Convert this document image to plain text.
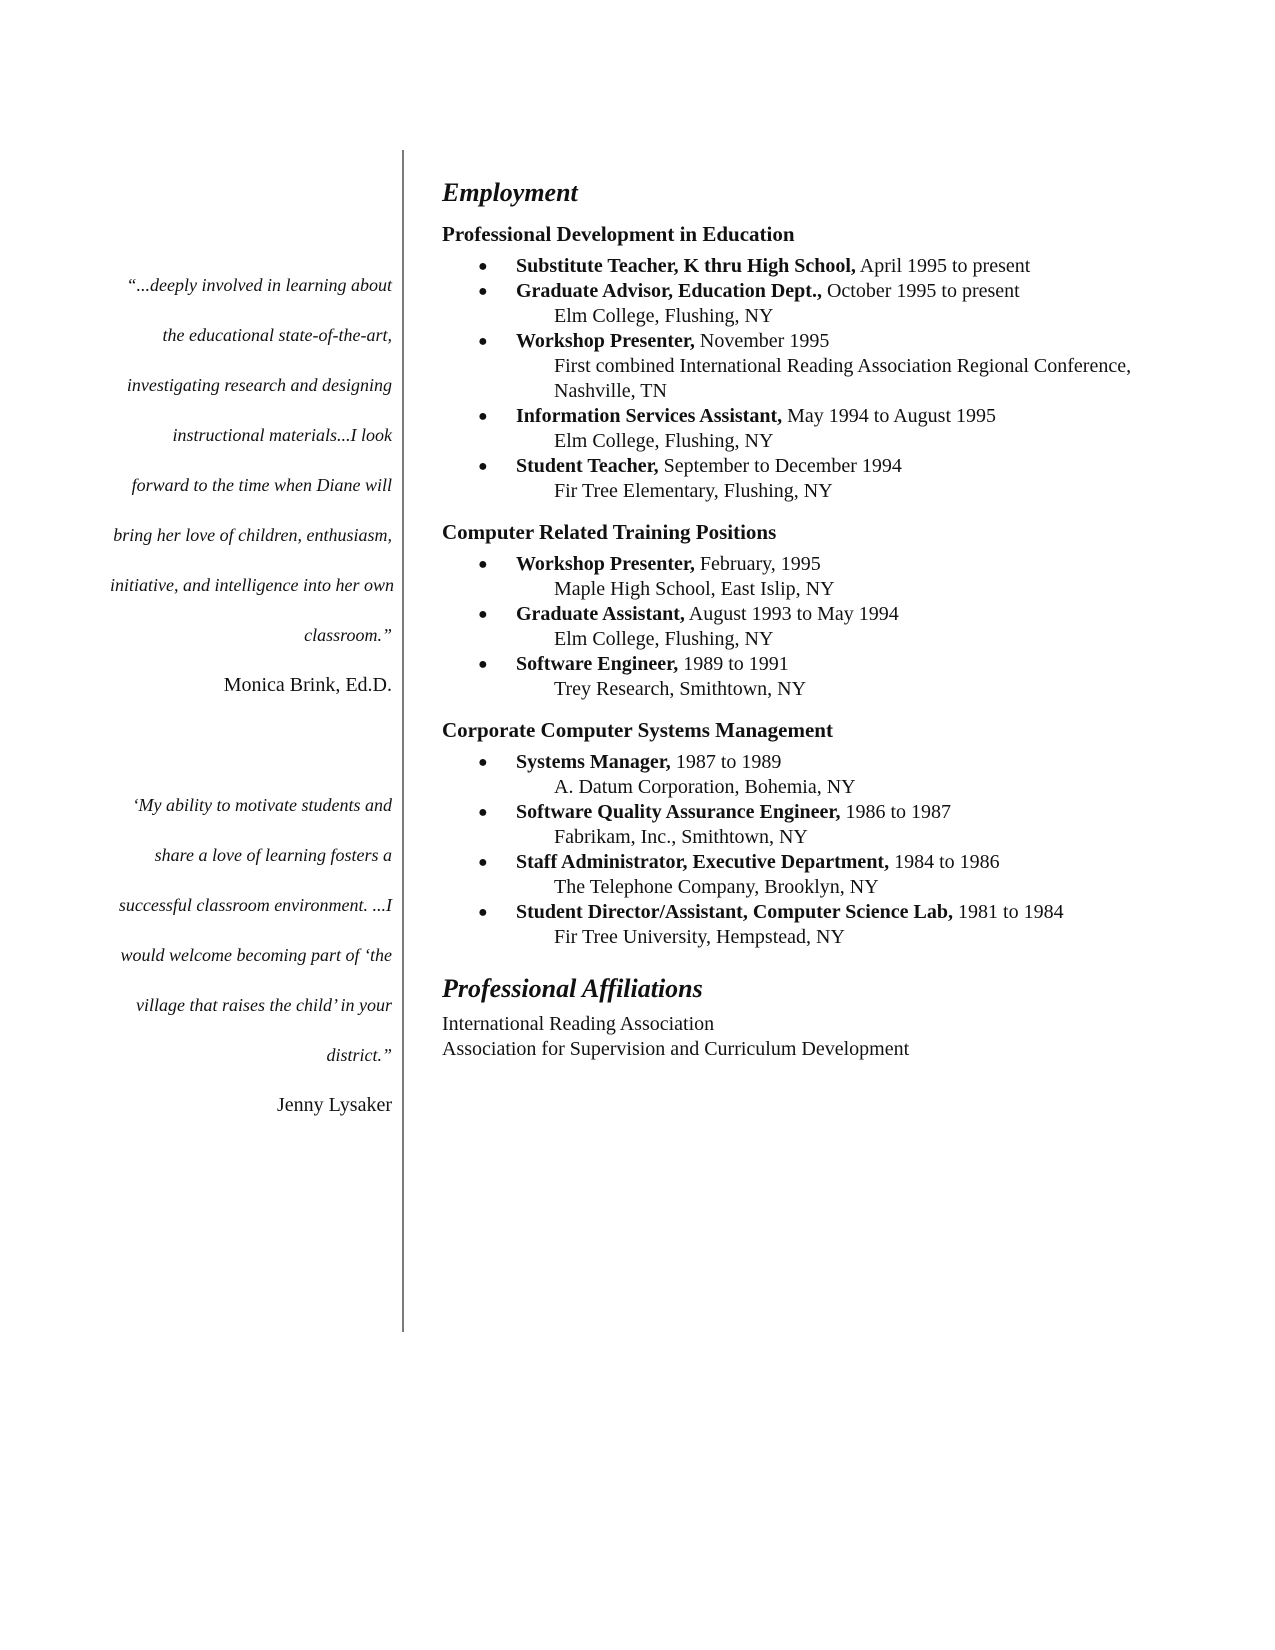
“...deeply involved in learning about
the educational state-of-the-art,
investigating research and designing
instructional materials...I look
forward to the time when Diane will
bring her love of children, enthusiasm,
initiative, and intelligence into her own
classroom.”
Monica Brink, Ed.D.
‘My ability to motivate students and
share a love of learning fosters a
successful classroom environment. ...I
would welcome becoming part of ‘the
village that raises the child’ in your
district.”
Jenny Lysaker
Employment
Professional Development in Education
● Substitute Teacher, K thru High School, April 1995 to present
● Graduate Advisor, Education Dept., October 1995 to present
Elm College, Flushing, NY
● Workshop Presenter, November 1995
First combined International Reading Association Regional Conference,
Nashville, TN
● Information Services Assistant, May 1994 to August 1995
Elm College, Flushing, NY
● Student Teacher, September to December 1994
Fir Tree Elementary, Flushing, NY
Computer Related Training Positions
● Workshop Presenter, February, 1995
Maple High School, East Islip, NY
● Graduate Assistant, August 1993 to May 1994
Elm College, Flushing, NY
● Software Engineer, 1989 to 1991
Trey Research, Smithtown, NY
Corporate Computer Systems Management
● Systems Manager, 1987 to 1989
A. Datum Corporation, Bohemia, NY
● Software Quality Assurance Engineer, 1986 to 1987
Fabrikam, Inc., Smithtown, NY
● Staff Administrator, Executive Department, 1984 to 1986
The Telephone Company, Brooklyn, NY
● Student Director/Assistant, Computer Science Lab, 1981 to 1984
Fir Tree University, Hempstead, NY
Professional Affiliations
International Reading Association
Association for Supervision and Curriculum Development
